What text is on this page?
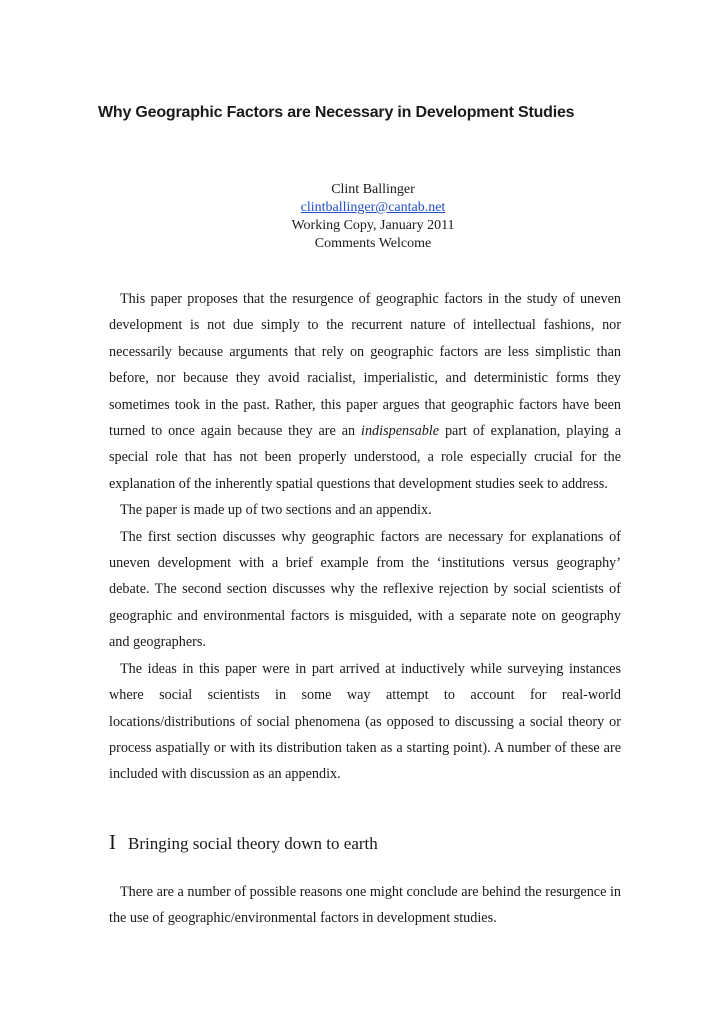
Why Geographic Factors are Necessary in Development Studies
Clint Ballinger
clintballinger@cantab.net
Working Copy, January 2011
Comments Welcome

This paper proposes that the resurgence of geographic factors in the study of uneven development is not due simply to the recurrent nature of intellectual fashions, nor necessarily because arguments that rely on geographic factors are less simplistic than before, nor because they avoid racialist, imperialistic, and deterministic forms they sometimes took in the past. Rather, this paper argues that geographic factors have been turned to once again because they are an indispensable part of explanation, playing a special role that has not been properly understood, a role especially crucial for the explanation of the inherently spatial questions that development studies seek to address.

The paper is made up of two sections and an appendix.

The first section discusses why geographic factors are necessary for explanations of uneven development with a brief example from the ‘institutions versus geography’ debate. The second section discusses why the reflexive rejection by social scientists of geographic and environmental factors is misguided, with a separate note on geography and geographers.

The ideas in this paper were in part arrived at inductively while surveying instances where social scientists in some way attempt to account for real-world locations/distributions of social phenomena (as opposed to discussing a social theory or process aspatially or with its distribution taken as a starting point). A number of these are included with discussion as an appendix.

I Bringing social theory down to earth

There are a number of possible reasons one might conclude are behind the resurgence in the use of geographic/environmental factors in development studies.
